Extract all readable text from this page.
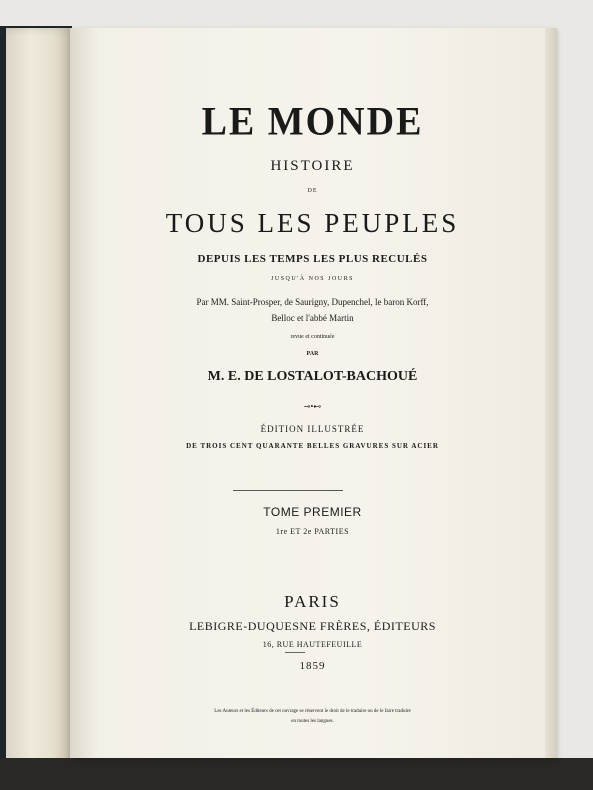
LE MONDE
HISTOIRE
DE
TOUS LES PEUPLES
DEPUIS LES TEMPS LES PLUS RECULÉS
JUSQU'À NOS JOURS
Par MM. Saint-Prosper, de Saurigny, Dupenchel, le baron Korff,
Belloc et l'abbé Martin
revue et continuée
PAR
M. E. DE LOSTALOT-BACHOUÉ
⊸•⊷
ÉDITION ILLUSTRÉE
DE TROIS CENT QUARANTE BELLES GRAVURES SUR ACIER
TOME PREMIER
1re ET 2e PARTIES
PARIS
LEBIGRE-DUQUESNE FRÈRES, ÉDITEURS
16, RUE HAUTEFEUILLE
1859
Les Auteurs et les Éditeurs de cet ouvrage se réservent le droit de le traduire ou de le faire traduire
en toutes les langues.
